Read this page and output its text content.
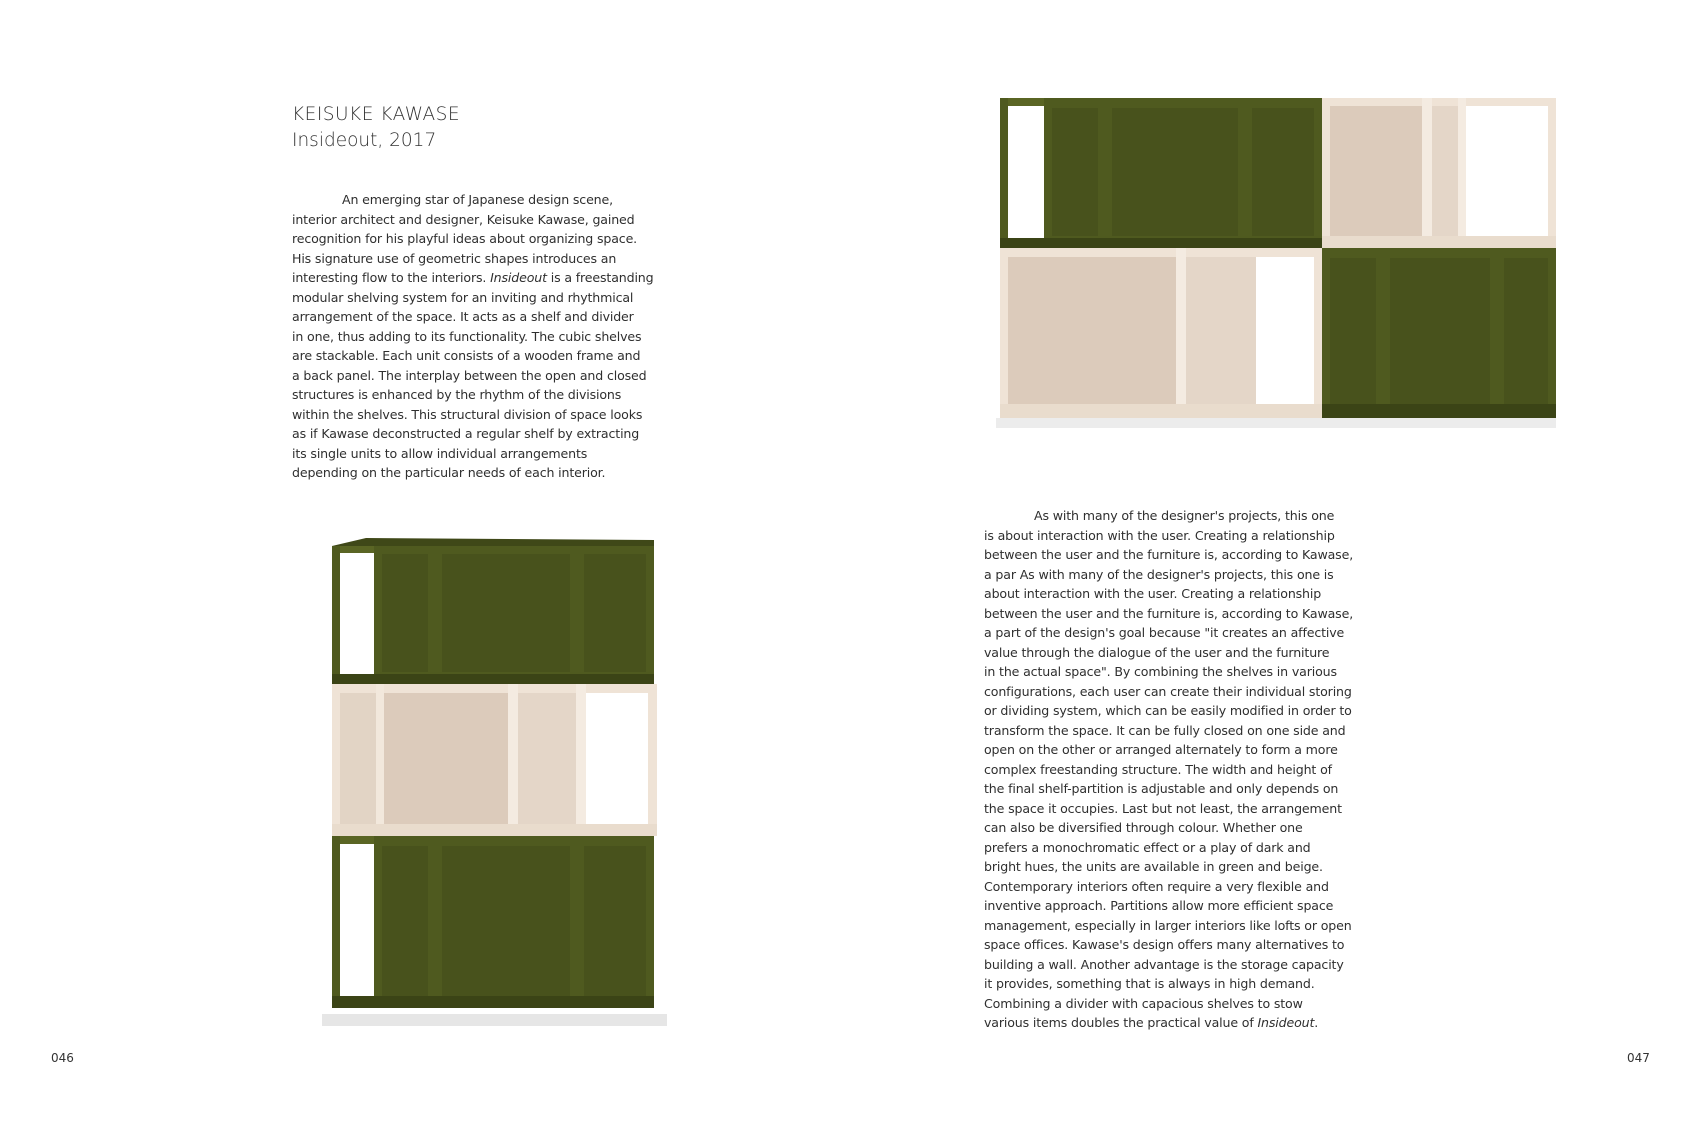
KEISUKE KAWASE
Insideout, 2017
An emerging star of Japanese design scene,
interior architect and designer, Keisuke Kawase, gained
recognition for his playful ideas about organizing space.
His signature use of geometric shapes introduces an
interesting flow to the interiors. Insideout is a freestanding
modular shelving system for an inviting and rhythmical
arrangement of the space. It acts as a shelf and divider
in one, thus adding to its functionality. The cubic shelves
are stackable. Each unit consists of a wooden frame and
a back panel. The interplay between the open and closed
structures is enhanced by the rhythm of the divisions
within the shelves. This structural division of space looks
as if Kawase deconstructed a regular shelf by extracting
its single units to allow individual arrangements
depending on the particular needs of each interior.
046
As with many of the designer's projects, this one
is about interaction with the user. Creating a relationship
between the user and the furniture is, according to Kawase,
a par As with many of the designer's projects, this one is
about interaction with the user. Creating a relationship
between the user and the furniture is, according to Kawase,
a part of the design's goal because "it creates an affective
value through the dialogue of the user and the furniture
in the actual space". By combining the shelves in various
configurations, each user can create their individual storing
or dividing system, which can be easily modified in order to
transform the space. It can be fully closed on one side and
open on the other or arranged alternately to form a more
complex freestanding structure. The width and height of
the final shelf-partition is adjustable and only depends on
the space it occupies. Last but not least, the arrangement
can also be diversified through colour. Whether one
prefers a monochromatic effect or a play of dark and
bright hues, the units are available in green and beige.
Contemporary interiors often require a very flexible and
inventive approach. Partitions allow more efficient space
management, especially in larger interiors like lofts or open
space offices. Kawase's design offers many alternatives to
building a wall. Another advantage is the storage capacity
it provides, something that is always in high demand.
Combining a divider with capacious shelves to stow
various items doubles the practical value of Insideout.
047
